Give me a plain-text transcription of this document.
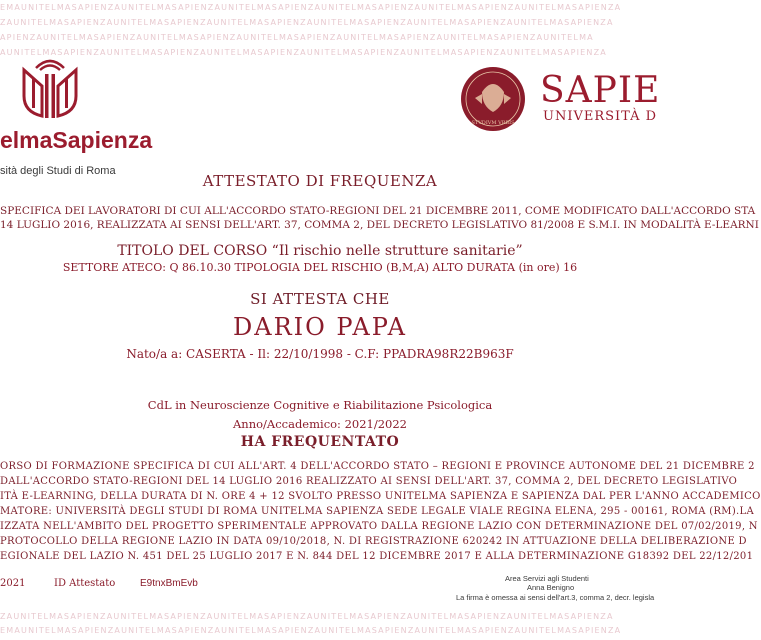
EMAUNITELMASAPIENZAUNITELMASAPIENZAUNITELMASAPIENZAUNITELMASAPIENZAUNITELMASAPIENZAUNITELMASAPIENZA
ZAUNITELMASAPIENZAUNITELMASAPIENZAUNITELMASAPIENZAUNITELMASAPIENZAUNITELMASAPIENZAUNITELMASAPIENZA
APIENZAUNITELMASAPIENZAUNITELMASAPIENZAUNITELMASAPIENZAUNITELMASAPIENZAUNITELMASAPIENZAUNITELMA
AUNITELMASAPIENZAUNITELMASAPIENZAUNITELMASAPIENZAUNITELMASAPIENZAUNITELMASAPIENZAUNITELMASAPIENZA
ZAUNITELMASAPIENZAUNITELMASAPIENZAUNITELMASAPIENZAUNITELMASAPIENZAUNITELMASAPIENZAUNITELMASAPIENZA
EMAUNITELMASAPIENZAUNITELMASAPIENZAUNITELMASAPIENZAUNITELMASAPIENZAUNITELMASAPIENZAUNITELMASAPIENZA
elmaSapienza
sità degli Studi di Roma
STVDIVM VRBIS
SAPIE
UNIVERSITÀ D
ATTESTATO DI FREQUENZA
SPECIFICA DEI LAVORATORI DI CUI ALL'ACCORDO STATO-REGIONI DEL 21 DICEMBRE 2011, COME MODIFICATO DALL'ACCORDO STA
14 LUGLIO 2016, REALIZZATA AI SENSI DELL'ART. 37, COMMA 2, DEL DECRETO LEGISLATIVO 81/2008 E S.M.I. IN MODALITÀ E-LEARNI
TITOLO DEL CORSO “Il rischio nelle strutture sanitarie”
SETTORE ATECO: Q 86.10.30 TIPOLOGIA DEL RISCHIO (B,M,A) ALTO DURATA (in ore) 16
SI ATTESTA CHE
DARIO PAPA
Nato/a a: CASERTA - Il: 22/10/1998 - C.F: PPADRA98R22B963F
CdL in Neuroscienze Cognitive e Riabilitazione Psicologica
Anno/Accademico: 2021/2022
HA FREQUENTATO
ORSO DI FORMAZIONE SPECIFICA DI CUI ALL'ART. 4 DELL'ACCORDO STATO – REGIONI E PROVINCE AUTONOME DEL 21 DICEMBRE 2
DALL'ACCORDO STATO-REGIONI DEL 14 LUGLIO 2016 REALIZZATO AI SENSI DELL'ART. 37, COMMA 2, DEL DECRETO LEGISLATIVO
ITÀ E-LEARNING, DELLA DURATA DI N. ORE 4 + 12 SVOLTO PRESSO UNITELMA SAPIENZA E SAPIENZA DAL PER L'ANNO ACCADEMICO
MATORE: UNIVERSITÀ DEGLI STUDI DI ROMA UNITELMA SAPIENZA SEDE LEGALE VIALE REGINA ELENA, 295 - 00161, ROMA (RM).LA
IZZATA NELL'AMBITO DEL PROGETTO SPERIMENTALE APPROVATO DALLA REGIONE LAZIO CON DETERMINAZIONE DEL 07/02/2019, N
PROTOCOLLO DELLA REGIONE LAZIO IN DATA 09/10/2018, N. DI REGISTRAZIONE 620242 IN ATTUAZIONE DELLA DELIBERAZIONE D
EGIONALE DEL LAZIO N. 451 DEL 25 LUGLIO 2017 E N. 844 DEL 12 DICEMBRE 2017 E ALLA DETERMINAZIONE G18392 DEL 22/12/201
2021	ID Attestato E9tnxBmEvb	Area Servizi agli Studenti
Anna Benigno
La firma è omessa ai sensi dell'art.3, comma 2, decr. legisla
